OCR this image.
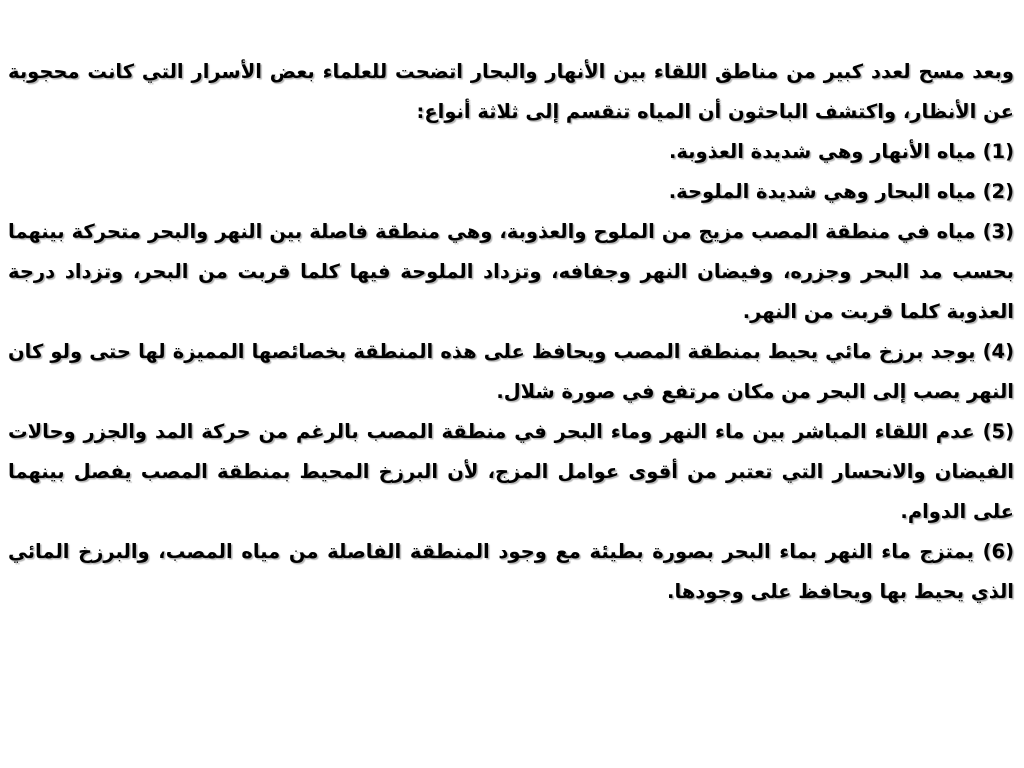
وبعد مسح لعدد كبير من مناطق اللقاء بين الأنهار والبحار اتضحت للعلماء بعض الأسرار التي كانت محجوبة عن الأنظار، واكتشف الباحثون أن المياه تنقسم إلى ثلاثة أنواع:

(1) مياه الأنهار وهي شديدة العذوبة.

(2) مياه البحار وهي شديدة الملوحة.

(3) مياه في منطقة المصب مزيج من الملوح والعذوبة، وهي منطقة فاصلة بين النهر والبحر متحركة بينهما بحسب مد البحر وجزره، وفيضان النهر وجفافه، وتزداد الملوحة فيها كلما قربت من البحر، وتزداد درجة العذوبة كلما قربت من النهر.

(4) يوجد برزخ مائي يحيط بمنطقة المصب ويحافظ على هذه المنطقة بخصائصها المميزة لها حتى ولو كان النهر يصب إلى البحر من مكان مرتفع في صورة شلال.

(5) عدم اللقاء المباشر بين ماء النهر وماء البحر في منطقة المصب بالرغم من حركة المد والجزر وحالات الفيضان والانحسار التي تعتبر من أقوى عوامل المزج، لأن البرزخ المحيط بمنطقة المصب يفصل بينهما على الدوام.

(6) يمتزج ماء النهر بماء البحر بصورة بطيئة مع وجود المنطقة الفاصلة من مياه المصب، والبرزخ المائي الذي يحيط بها ويحافظ على وجودها.
